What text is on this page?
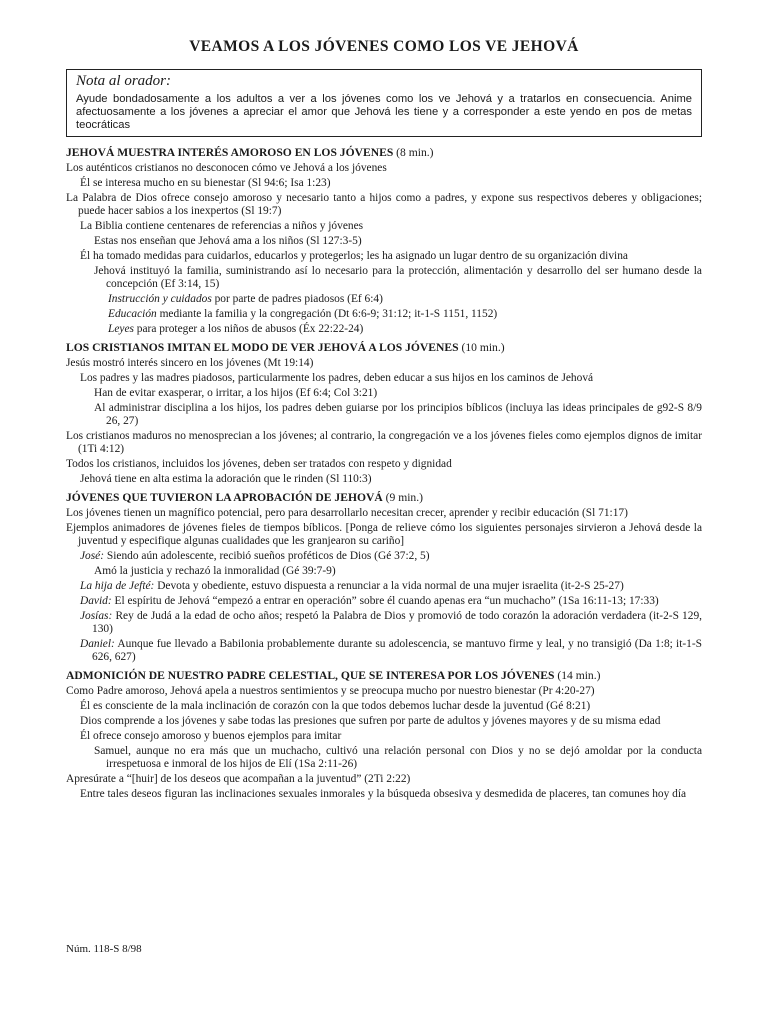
VEAMOS A LOS JÓVENES COMO LOS VE JEHOVÁ
Nota al orador:
Ayude bondadosamente a los adultos a ver a los jóvenes como los ve Jehová y a tratarlos en consecuencia. Anime afectuosamente a los jóvenes a apreciar el amor que Jehová les tiene y a corresponder a este yendo en pos de metas teocráticas
JEHOVÁ MUESTRA INTERÉS AMOROSO EN LOS JÓVENES (8 min.)
Los auténticos cristianos no desconocen cómo ve Jehová a los jóvenes
Él se interesa mucho en su bienestar (Sl 94:6; Isa 1:23)
La Palabra de Dios ofrece consejo amoroso y necesario tanto a hijos como a padres, y expone sus respectivos deberes y obligaciones; puede hacer sabios a los inexpertos (Sl 19:7)
La Biblia contiene centenares de referencias a niños y jóvenes
Estas nos enseñan que Jehová ama a los niños (Sl 127:3-5)
Él ha tomado medidas para cuidarlos, educarlos y protegerlos; les ha asignado un lugar dentro de su organización divina
Jehová instituyó la familia, suministrando así lo necesario para la protección, alimentación y desarrollo del ser humano desde la concepción (Ef 3:14, 15)
Instrucción y cuidados por parte de padres piadosos (Ef 6:4)
Educación mediante la familia y la congregación (Dt 6:6-9; 31:12; it-1-S 1151, 1152)
Leyes para proteger a los niños de abusos (Éx 22:22-24)
LOS CRISTIANOS IMITAN EL MODO DE VER JEHOVÁ A LOS JÓVENES (10 min.)
Jesús mostró interés sincero en los jóvenes (Mt 19:14)
Los padres y las madres piadosos, particularmente los padres, deben educar a sus hijos en los caminos de Jehová
Han de evitar exasperar, o irritar, a los hijos (Ef 6:4; Col 3:21)
Al administrar disciplina a los hijos, los padres deben guiarse por los principios bíblicos (incluya las ideas principales de g92-S 8/9 26, 27)
Los cristianos maduros no menosprecian a los jóvenes; al contrario, la congregación ve a los jóvenes fieles como ejemplos dignos de imitar (1Ti 4:12)
Todos los cristianos, incluidos los jóvenes, deben ser tratados con respeto y dignidad
Jehová tiene en alta estima la adoración que le rinden (Sl 110:3)
JÓVENES QUE TUVIERON LA APROBACIÓN DE JEHOVÁ (9 min.)
Los jóvenes tienen un magnífico potencial, pero para desarrollarlo necesitan crecer, aprender y recibir educación (Sl 71:17)
Ejemplos animadores de jóvenes fieles de tiempos bíblicos. [Ponga de relieve cómo los siguientes personajes sirvieron a Jehová desde la juventud y especifique algunas cualidades que les granjearon su cariño]
José: Siendo aún adolescente, recibió sueños proféticos de Dios (Gé 37:2, 5)
Amó la justicia y rechazó la inmoralidad (Gé 39:7-9)
La hija de Jefté: Devota y obediente, estuvo dispuesta a renunciar a la vida normal de una mujer israelita (it-2-S 25-27)
David: El espíritu de Jehová “empezó a entrar en operación” sobre él cuando apenas era “un muchacho” (1Sa 16:11-13; 17:33)
Josías: Rey de Judá a la edad de ocho años; respetó la Palabra de Dios y promovió de todo corazón la adoración verdadera (it-2-S 129, 130)
Daniel: Aunque fue llevado a Babilonia probablemente durante su adolescencia, se mantuvo firme y leal, y no transigió (Da 1:8; it-1-S 626, 627)
ADMONICIÓN DE NUESTRO PADRE CELESTIAL, QUE SE INTERESA POR LOS JÓVENES (14 min.)
Como Padre amoroso, Jehová apela a nuestros sentimientos y se preocupa mucho por nuestro bienestar (Pr 4:20-27)
Él es consciente de la mala inclinación de corazón con la que todos debemos luchar desde la juventud (Gé 8:21)
Dios comprende a los jóvenes y sabe todas las presiones que sufren por parte de adultos y jóvenes mayores y de su misma edad
Él ofrece consejo amoroso y buenos ejemplos para imitar
Samuel, aunque no era más que un muchacho, cultivó una relación personal con Dios y no se dejó amoldar por la conducta irrespetuosa e inmoral de los hijos de Elí (1Sa 2:11-26)
Apresúrate a “[huir] de los deseos que acompañan a la juventud” (2Ti 2:22)
Entre tales deseos figuran las inclinaciones sexuales inmorales y la búsqueda obsesiva y desmedida de placeres, tan comunes hoy día
Núm. 118-S 8/98
